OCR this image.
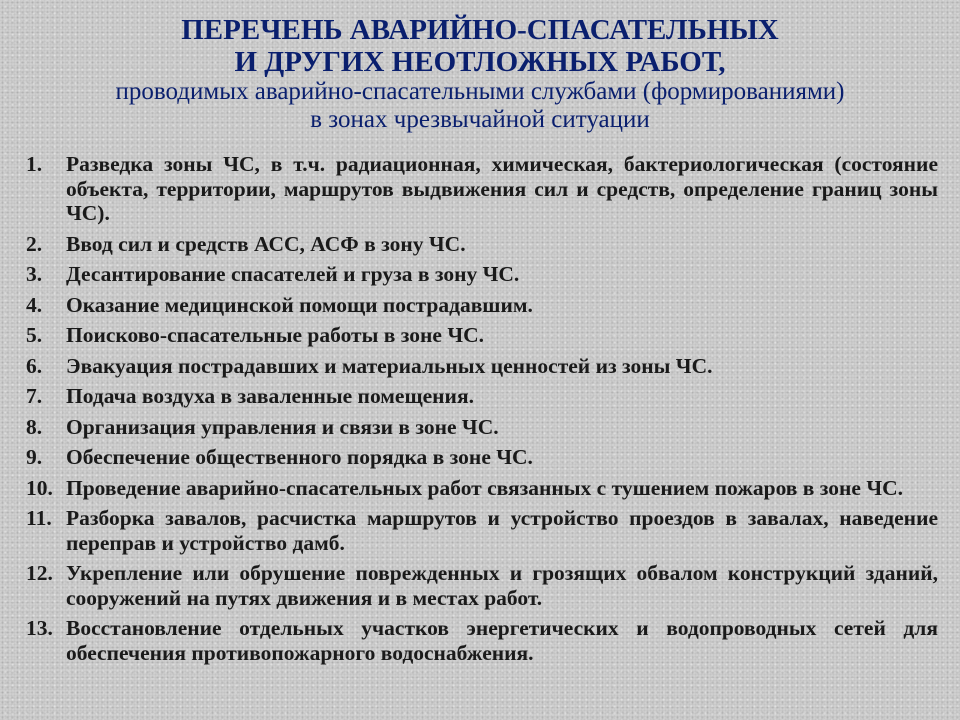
ПЕРЕЧЕНЬ АВАРИЙНО-СПАСАТЕЛЬНЫХ

И ДРУГИХ НЕОТЛОЖНЫХ РАБОТ,

проводимых аварийно-спасательными службами (формированиями)

в зонах чрезвычайной ситуации

1.	Разведка зоны ЧС, в т.ч. радиационная, химическая, бактериологическая (состояние объекта, территории, маршрутов выдвижения сил и средств, определение границ зоны ЧС).
2.	Ввод сил и средств АСС, АСФ в зону ЧС.
3.	Десантирование спасателей и груза в зону ЧС.
4.	Оказание медицинской помощи пострадавшим.
5.	Поисково-спасательные работы в зоне ЧС.
6.	Эвакуация пострадавших и материальных ценностей из зоны ЧС.
7.	Подача воздуха в заваленные помещения.
8.	Организация управления и связи в зоне ЧС.
9.	Обеспечение общественного порядка в зоне ЧС.
10. Проведение аварийно-спасательных работ связанных с тушением пожаров в зоне ЧС.
11. Разборка завалов, расчистка маршрутов и устройство проездов в завалах, наведение переправ и устройство дамб.
12. Укрепление или обрушение поврежденных и грозящих обвалом конструкций зданий, сооружений на путях движения и в местах работ.
13. Восстановление отдельных участков энергетических и водопроводных сетей для обеспечения противопожарного водоснабжения.
